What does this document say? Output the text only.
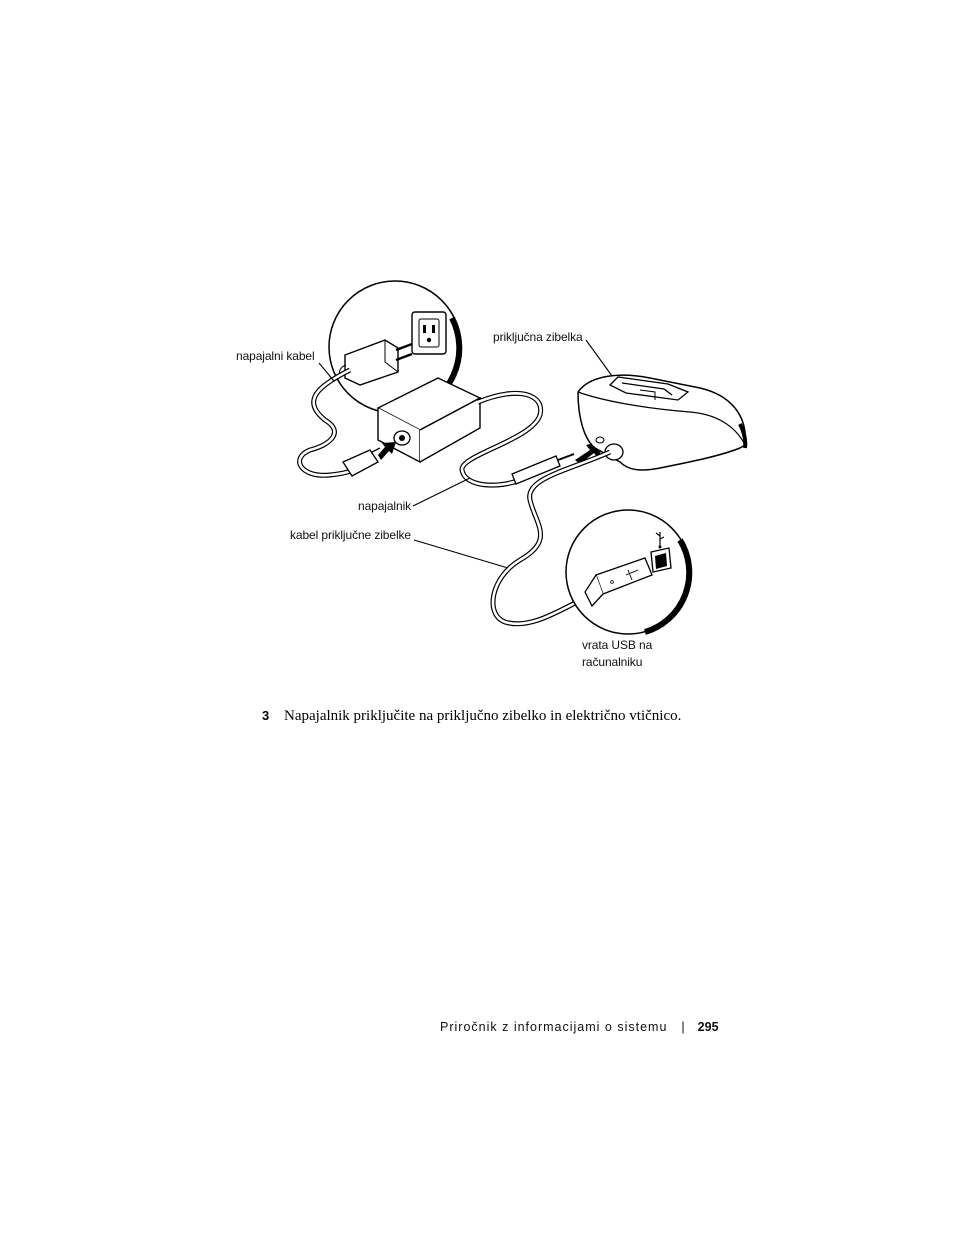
napajalni kabel
priključna zibelka
napajalnik
kabel priključne zibelke
vrata USB na
računalniku
3 Napajalnik priključite na priključno zibelko in električno vtičnico.
Priročnik z informacijami o sistemu | 295
